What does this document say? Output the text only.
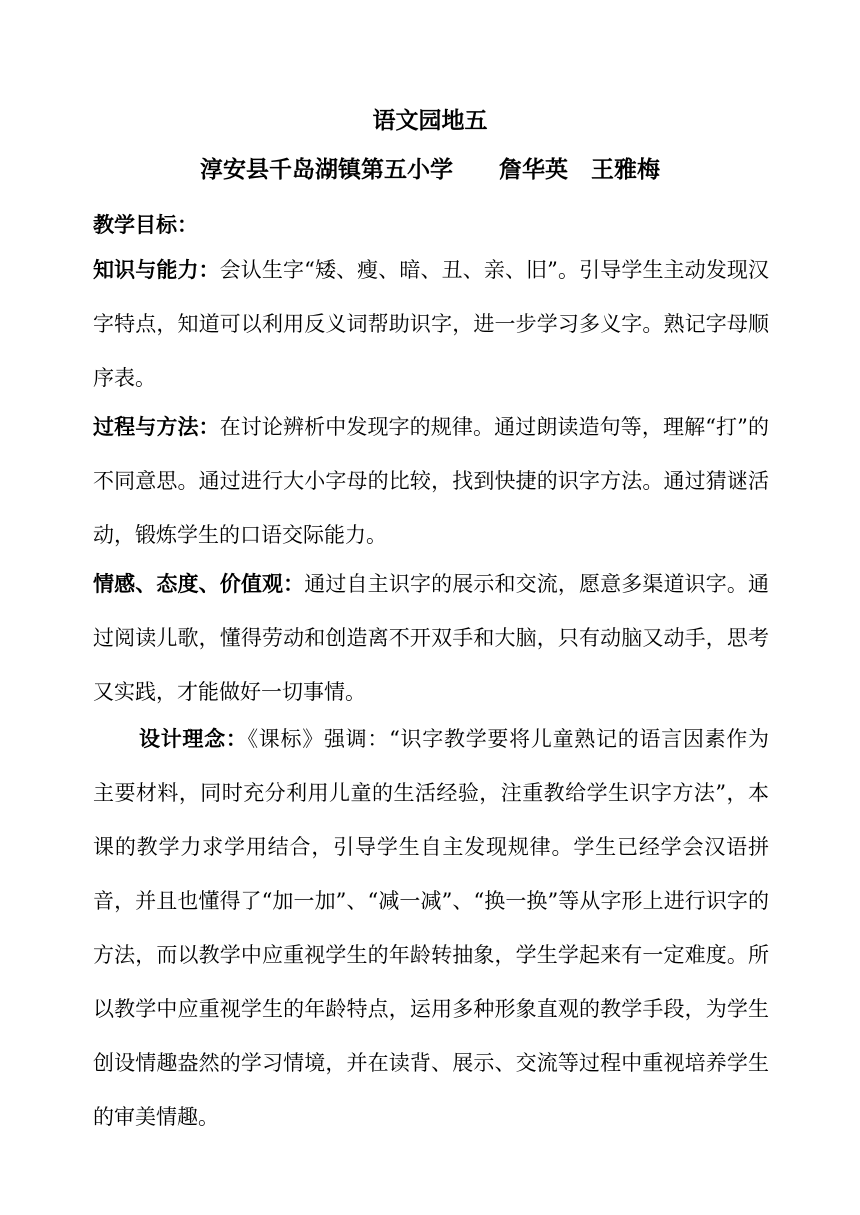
语文园地五
淳安县千岛湖镇第五小学　　詹华英　王雅梅
教学目标：
知识与能力：会认生字“矮、瘦、暗、丑、亲、旧”。引导学生主动发现汉字特点，知道可以利用反义词帮助识字，进一步学习多义字。熟记字母顺序表。
过程与方法：在讨论辨析中发现字的规律。通过朗读造句等，理解“打”的不同意思。通过进行大小字母的比较，找到快捷的识字方法。通过猜谜活动，锻炼学生的口语交际能力。
情感、态度、价值观：通过自主识字的展示和交流，愿意多渠道识字。通过阅读儿歌，懂得劳动和创造离不开双手和大脑，只有动脑又动手，思考又实践，才能做好一切事情。
设计理念：《课标》强调：“识字教学要将儿童熟记的语言因素作为主要材料，同时充分利用儿童的生活经验，注重教给学生识字方法”，本课的教学力求学用结合，引导学生自主发现规律。学生已经学会汉语拼音，并且也懂得了“加一加”、“减一减”、“换一换”等从字形上进行识字的方法，而以教学中应重视学生的年龄转抽象，学生学起来有一定难度。所以教学中应重视学生的年龄特点，运用多种形象直观的教学手段，为学生创设情趣盎然的学习情境，并在读背、展示、交流等过程中重视培养学生的审美情趣。
